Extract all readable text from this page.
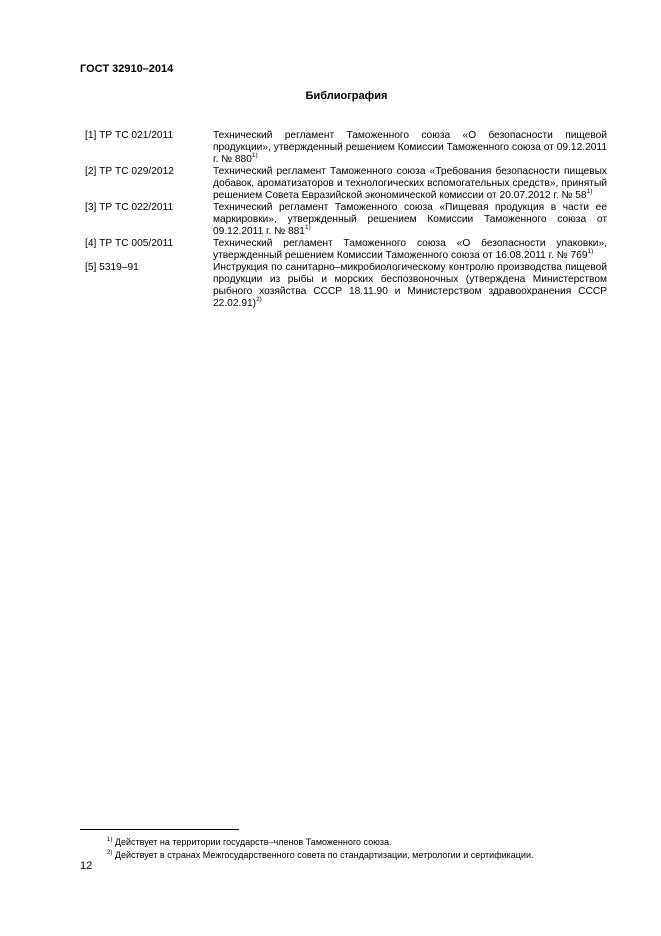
ГОСТ 32910–2014
Библиография
[1] ТР ТС 021/2011	Технический регламент Таможенного союза «О безопасности пищевой продукции», утвержденный решением Комиссии Таможенного союза от 09.12.2011 г. № 880$^{1)}$
[2] ТР ТС 029/2012	Технический регламент Таможенного союза «Требования безопасности пищевых добавок, ароматизаторов и технологических вспомогательных средств», принятый решением Совета Евразийской экономической комиссии от 20.07.2012 г. № 58$^{1)}$
[3] ТР ТС 022/2011	Технический регламент Таможенного союза «Пищевая продукция в части ее маркировки», утвержденный решением Комиссии Таможенного союза от 09.12.2011 г. № 881$^{1)}$
[4] ТР ТС 005/2011	Технический регламент Таможенного союза «О безопасности упаковки», утвержденный решением Комиссии Таможенного союза от 16.08.2011 г. № 769$^{1)}$
[5] 5319–91	Инструкция по санитарно–микробиологическому контролю производства пищевой продукции из рыбы и морских беспозвоночных (утверждена Министерством рыбного хозяйства СССР 18.11.90 и Министерством здравоохранения СССР 22.02.91)$^{2)}$
$^{1)}$ Действует на территории государств–членов Таможенного союза.
$^{2)}$ Действует в странах Межгосударственного совета по стандартизации, метрологии и сертификации.
12
